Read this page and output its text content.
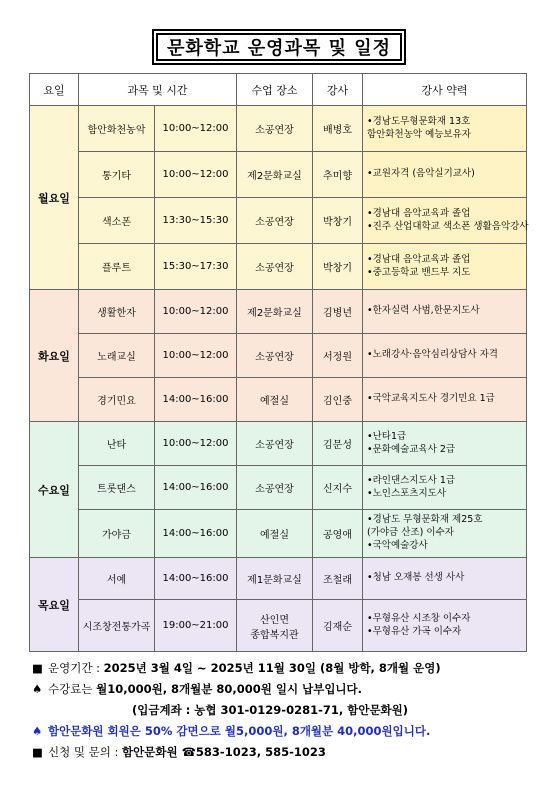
문화학교 운영과목 및 일정
요일	과목 및 시간		수업 장소	강사	강사 약력
월요일	함안화천농악	10:00~12:00	소공연장	배병호	•경남도무형문화재 13호
함안화천농악 예능보유자

	통기타	10:00~12:00	제2문화교실	추미향	•교원자격 (음악실기교사)

	색소폰	13:30~15:30	소공연장	박창기	•경남대 음악교육과 졸업
•진주 산업대학교 색소폰 생활음악강사

	플루트	15:30~17:30	소공연장	박창기	•경남대 음악교육과 졸업
•중고등학교 밴드부 지도

화요일	생활한자	10:00~12:00	제2문화교실	김병년	•한자실력 사범,한문지도사

	노래교실	10:00~12:00	소공연장	서정원	•노래강사·음악심리상담사 자격

	경기민요	14:00~16:00	예절실	김인중	•국악교육지도사 경기민요 1급

수요일	난타	10:00~12:00	소공연장	김문성	•난타1급
•문화예술교육사 2급

	트롯댄스	14:00~16:00	소공연장	신지수	•라인댄스지도사 1급
•노인스포츠지도사

	가야금	14:00~16:00	예절실	공영애	•경남도 무형문화재 제25호
(가야금 산조) 이수자
•국악예술강사

목요일	서예	14:00~16:00	제1문화교실	조철래	•청남 오재봉 선생 사사

	시조창전통가곡	19:00~21:00	산인면
종합복지관	김재순	•무형유산 시조창 이수자
•무형유산 가곡 이수자
■ 운영기간 :
2025년 3월 4일 ~ 2025년 11월 30일 (8월 방학, 8개월 운영)
♠ 수강료는
월10,000원, 8개월분 80,000원 일시 납부입니다.
(입금계좌 : 농협 301-0129-0281-71, 함안문화원)
♠ 함안문화원 회원은 50% 감면으로 월5,000원, 8개월분 40,000원입니다.
■ 신청 및 문의 :
함안문화원 ☎583-1023, 585-1023
